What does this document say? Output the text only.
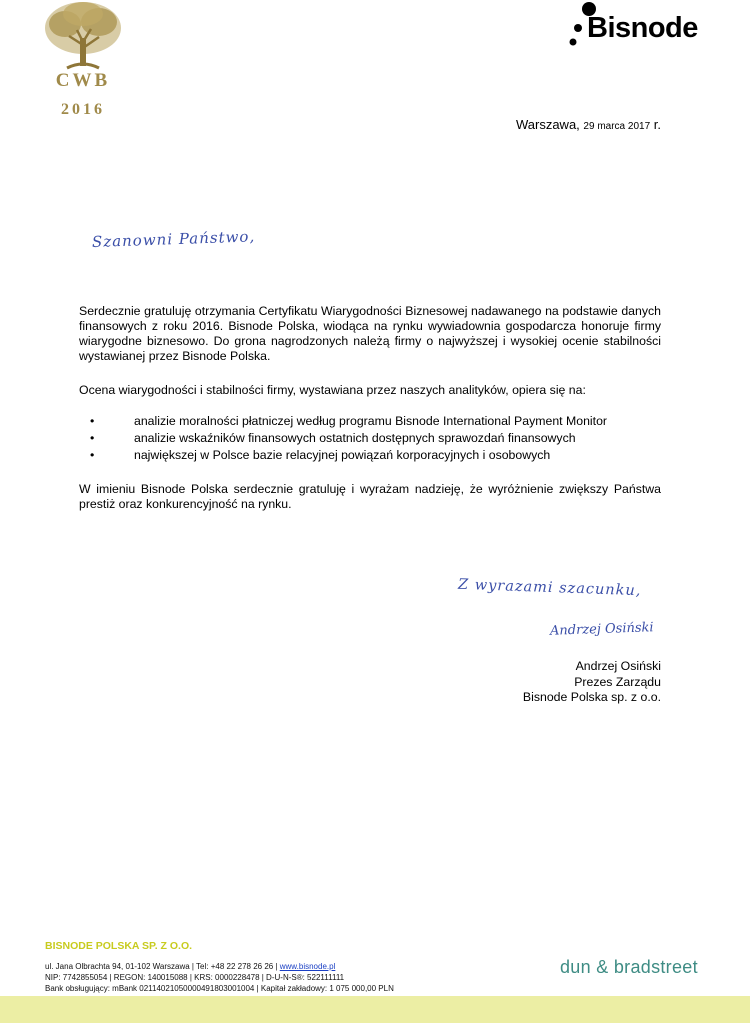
CWB
2016
Bisnode
Warszawa, 29 marca 2017 r.
Szanowni Państwo,
Serdecznie gratuluję otrzymania Certyfikatu Wiarygodności Biznesowej nadawanego na podstawie danych finansowych z roku 2016. Bisnode Polska, wiodąca na rynku wywiadownia gospodarcza honoruje firmy wiarygodne biznesowo. Do grona nagrodzonych należą firmy o najwyższej i wysokiej ocenie stabilności wystawianej przez Bisnode Polska.
Ocena wiarygodności i stabilności firmy, wystawiana przez naszych analityków, opiera się na:
• analizie moralności płatniczej według programu Bisnode International Payment Monitor
• analizie wskaźników finansowych ostatnich dostępnych sprawozdań finansowych
• największej w Polsce bazie relacyjnej powiązań korporacyjnych i osobowych
W imieniu Bisnode Polska serdecznie gratuluję i wyrażam nadzieję, że wyróżnienie zwiększy Państwa prestiż oraz konkurencyjność na rynku.
Z wyrazami szacunku,
Andrzej Osiński
Andrzej Osiński
Prezes Zarządu
Bisnode Polska sp. z o.o.
BISNODE POLSKA SP. Z O.O.
ul. Jana Olbrachta 94, 01-102 Warszawa | Tel: +48 22 278 26 26 | www.bisnode.pl
NIP: 7742855054 | REGON: 140015088 | KRS: 0000228478 | D-U-N-S®: 522111111
Bank obsługujący: mBank 02114021050000491803001004 | Kapitał zakładowy: 1 075 000,00 PLN
dun & bradstreet
